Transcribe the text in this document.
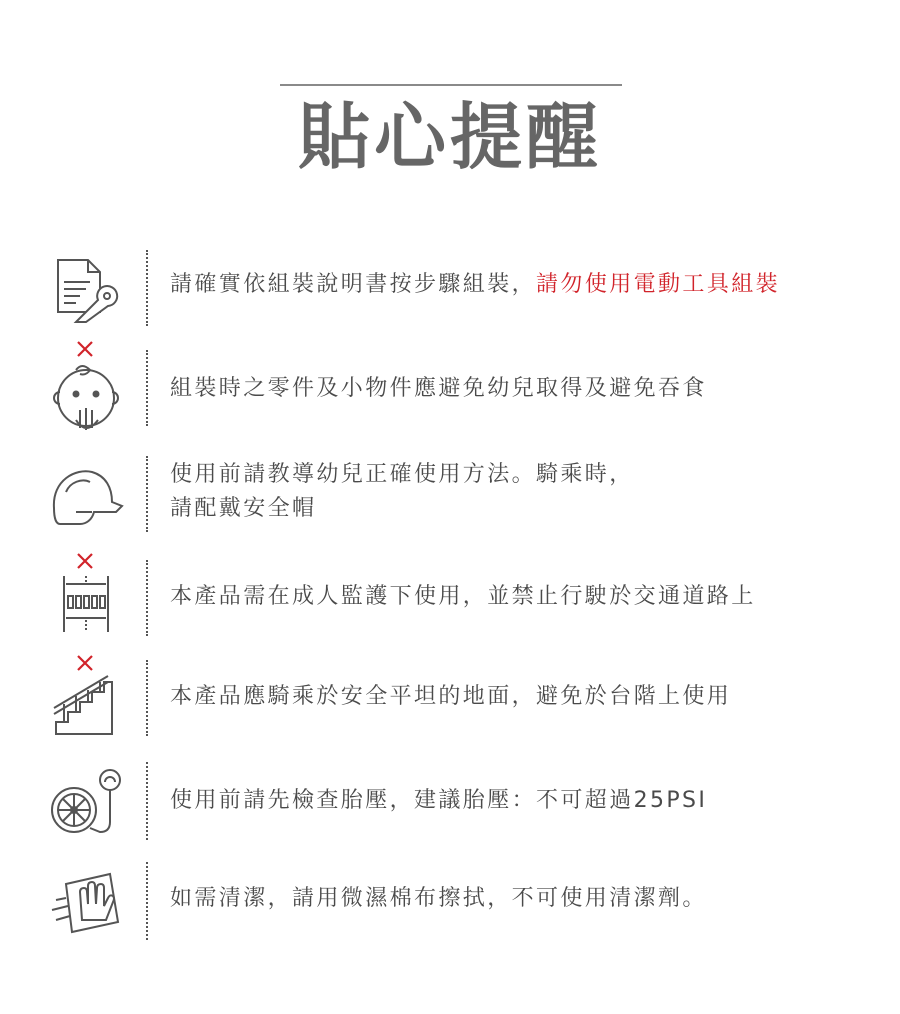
貼心提醒
請確實依組裝說明書按步驟組裝，請勿使用電動工具組裝
組裝時之零件及小物件應避免幼兒取得及避免吞食
使用前請教導幼兒正確使用方法。騎乘時，
請配戴安全帽
本產品需在成人監護下使用，並禁止行駛於交通道路上
本產品應騎乘於安全平坦的地面，避免於台階上使用
使用前請先檢查胎壓，建議胎壓：不可超過25PSI
如需清潔，請用微濕棉布擦拭，不可使用清潔劑。
